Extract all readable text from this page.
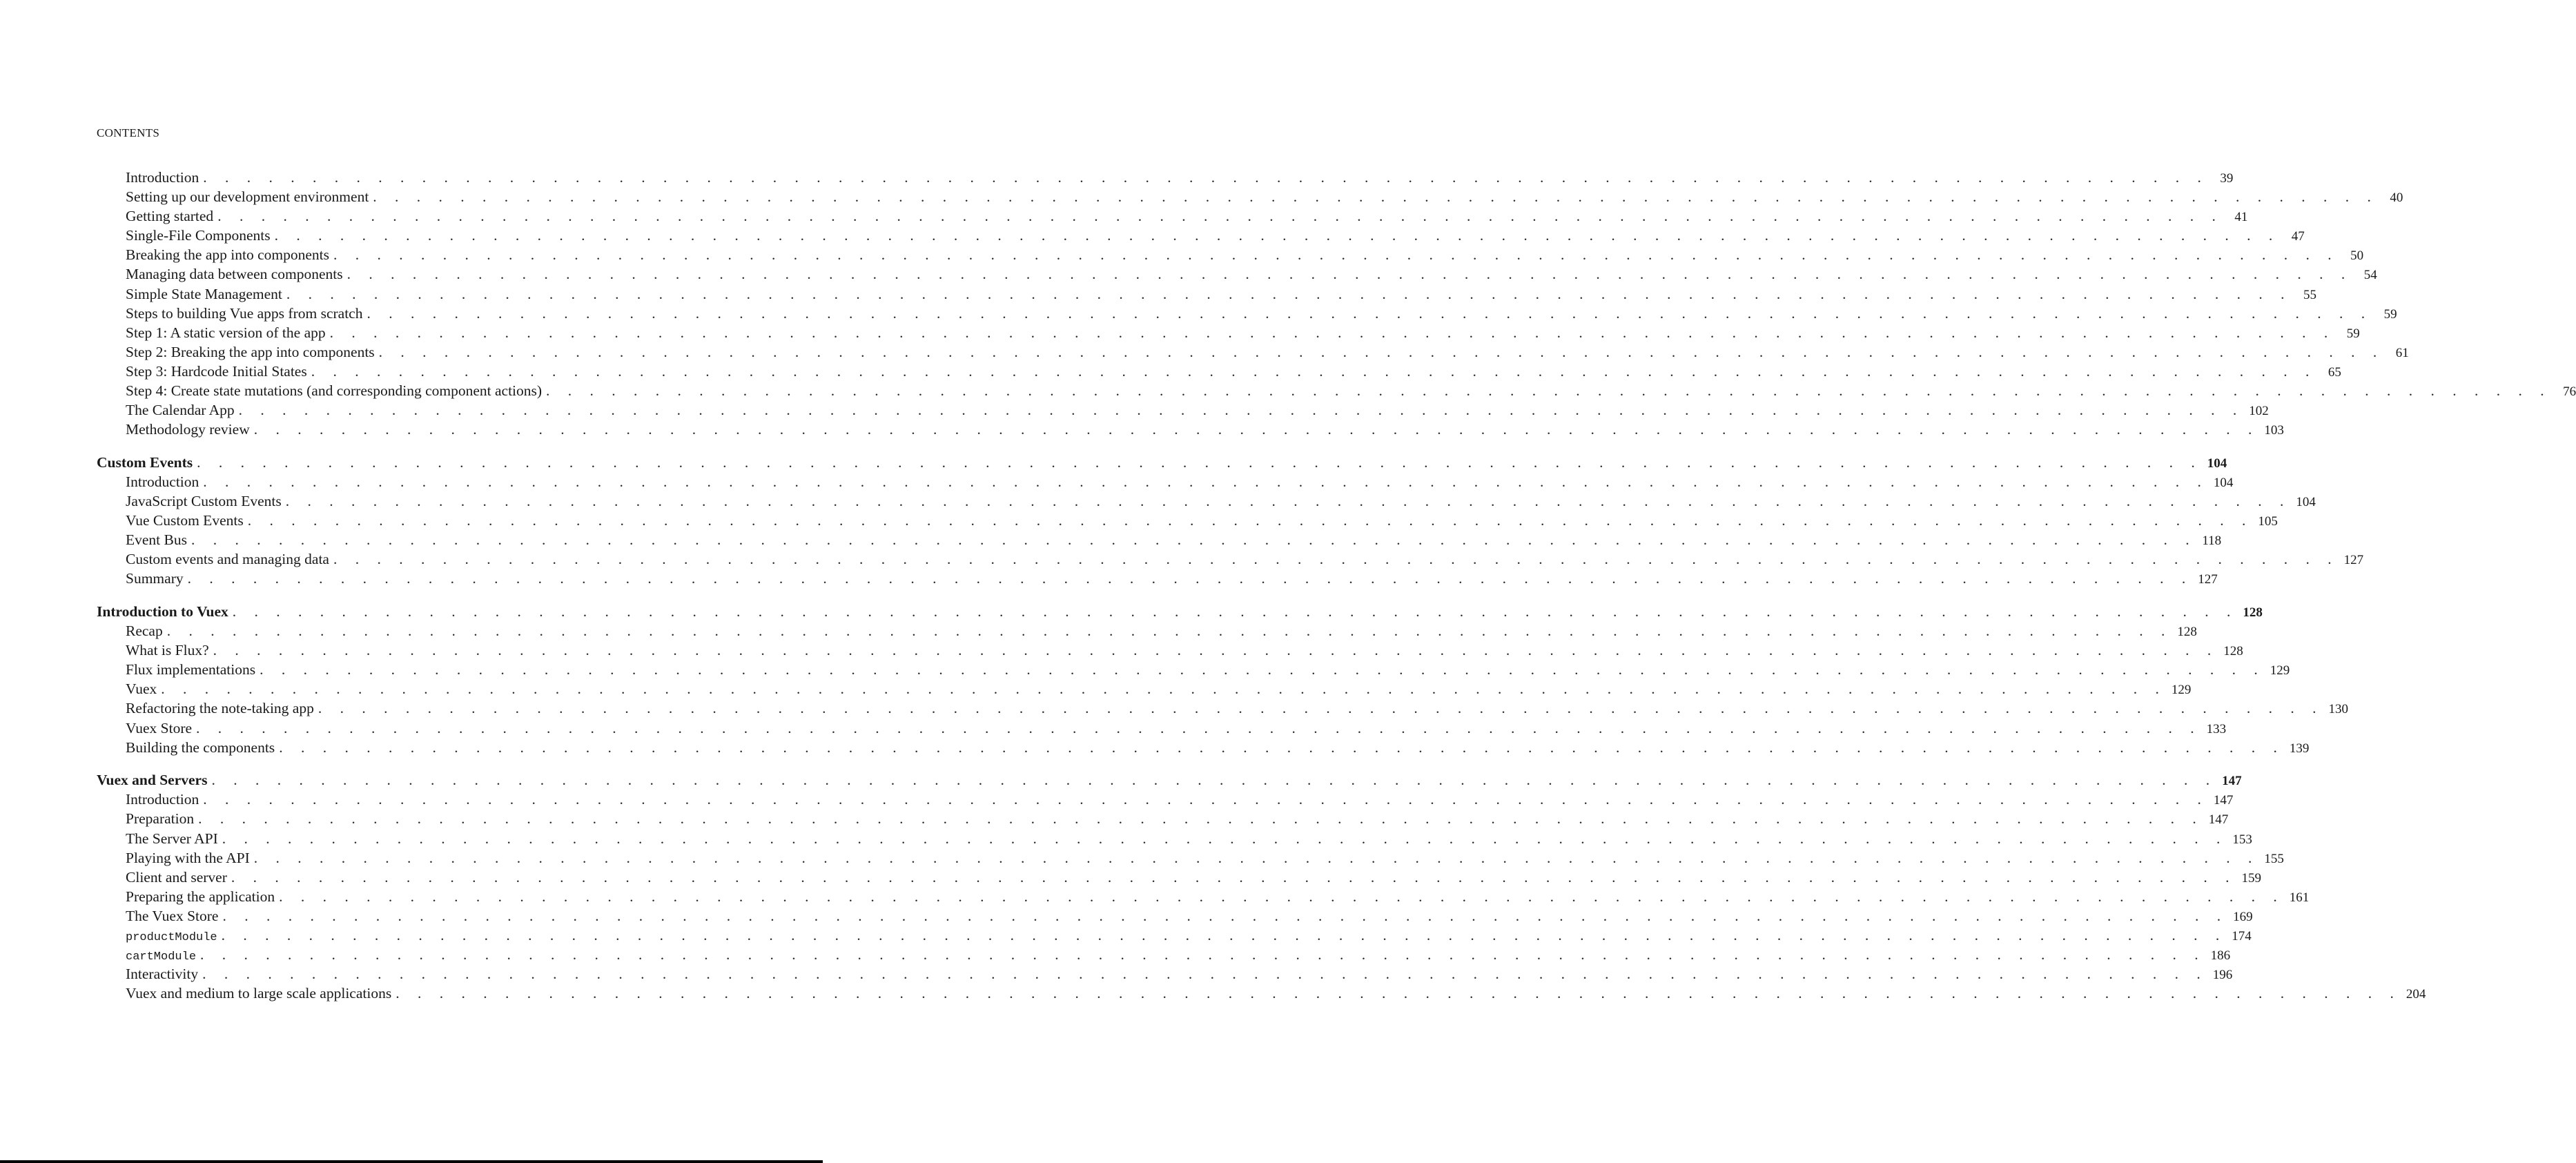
CONTENTS
Introduction . . . . . . . . . . . . . . . . . . . . . . . . . . . . . . . . . . . . . . . . . . . . . . . . . . . . . . . . . . . . . . . . . . . . . . . . . . . . . . . . . . . . . . . . . . . . 39
Setting up our development environment . . . . . . . . . . . . . . . . . . . . . . . . . . . . . . . . . . . . . . . . . . . . . . . . . . . . . . . . . . . . . . . . . . . . . . . . . . . . . . . . . . . . . . . . . . . . 40
Getting started . . . . . . . . . . . . . . . . . . . . . . . . . . . . . . . . . . . . . . . . . . . . . . . . . . . . . . . . . . . . . . . . . . . . . . . . . . . . . . . . . . . . . . . . . . . . 41
Single-File Components . . . . . . . . . . . . . . . . . . . . . . . . . . . . . . . . . . . . . . . . . . . . . . . . . . . . . . . . . . . . . . . . . . . . . . . . . . . . . . . . . . . . . . . . . . . . 47
Breaking the app into components . . . . . . . . . . . . . . . . . . . . . . . . . . . . . . . . . . . . . . . . . . . . . . . . . . . . . . . . . . . . . . . . . . . . . . . . . . . . . . . . . . . . . . . . . . . . 50
Managing data between components . . . . . . . . . . . . . . . . . . . . . . . . . . . . . . . . . . . . . . . . . . . . . . . . . . . . . . . . . . . . . . . . . . . . . . . . . . . . . . . . . . . . . . . . . . . . 54
Simple State Management . . . . . . . . . . . . . . . . . . . . . . . . . . . . . . . . . . . . . . . . . . . . . . . . . . . . . . . . . . . . . . . . . . . . . . . . . . . . . . . . . . . . . . . . . . . . 55
Steps to building Vue apps from scratch . . . . . . . . . . . . . . . . . . . . . . . . . . . . . . . . . . . . . . . . . . . . . . . . . . . . . . . . . . . . . . . . . . . . . . . . . . . . . . . . . . . . . . . . . . . . 59
Step 1: A static version of the app . . . . . . . . . . . . . . . . . . . . . . . . . . . . . . . . . . . . . . . . . . . . . . . . . . . . . . . . . . . . . . . . . . . . . . . . . . . . . . . . . . . . . . . . . . . . 59
Step 2: Breaking the app into components . . . . . . . . . . . . . . . . . . . . . . . . . . . . . . . . . . . . . . . . . . . . . . . . . . . . . . . . . . . . . . . . . . . . . . . . . . . . . . . . . . . . . . . . . . . . 61
Step 3: Hardcode Initial States . . . . . . . . . . . . . . . . . . . . . . . . . . . . . . . . . . . . . . . . . . . . . . . . . . . . . . . . . . . . . . . . . . . . . . . . . . . . . . . . . . . . . . . . . . . . 65
Step 4: Create state mutations (and corresponding component actions) . . . . . . . . . . . . . . . . . . . . . . . . . . . . . . . . . . . . . . . . . . . . . . . . . . . . . . . . . . . . . . . . . . . . . . . . . . . . . . . . . . . . . . . . . . . . 76
The Calendar App . . . . . . . . . . . . . . . . . . . . . . . . . . . . . . . . . . . . . . . . . . . . . . . . . . . . . . . . . . . . . . . . . . . . . . . . . . . . . . . . . . . . . . . . . . . . 102
Methodology review . . . . . . . . . . . . . . . . . . . . . . . . . . . . . . . . . . . . . . . . . . . . . . . . . . . . . . . . . . . . . . . . . . . . . . . . . . . . . . . . . . . . . . . . . . . . 103
Custom Events . . . . . . . . . . . . . . . . . . . . . . . . . . . . . . . . . . . . . . . . . . . . . . . . . . . . . . . . . . . . . . . . . . . . . . . . . . . . . . . . . . . . . . . . . . . . 104
Introduction . . . . . . . . . . . . . . . . . . . . . . . . . . . . . . . . . . . . . . . . . . . . . . . . . . . . . . . . . . . . . . . . . . . . . . . . . . . . . . . . . . . . . . . . . . . . 104
JavaScript Custom Events . . . . . . . . . . . . . . . . . . . . . . . . . . . . . . . . . . . . . . . . . . . . . . . . . . . . . . . . . . . . . . . . . . . . . . . . . . . . . . . . . . . . . . . . . . . . 104
Vue Custom Events . . . . . . . . . . . . . . . . . . . . . . . . . . . . . . . . . . . . . . . . . . . . . . . . . . . . . . . . . . . . . . . . . . . . . . . . . . . . . . . . . . . . . . . . . . . . 105
Event Bus . . . . . . . . . . . . . . . . . . . . . . . . . . . . . . . . . . . . . . . . . . . . . . . . . . . . . . . . . . . . . . . . . . . . . . . . . . . . . . . . . . . . . . . . . . . . 118
Custom events and managing data . . . . . . . . . . . . . . . . . . . . . . . . . . . . . . . . . . . . . . . . . . . . . . . . . . . . . . . . . . . . . . . . . . . . . . . . . . . . . . . . . . . . . . . . . . . . 127
Summary . . . . . . . . . . . . . . . . . . . . . . . . . . . . . . . . . . . . . . . . . . . . . . . . . . . . . . . . . . . . . . . . . . . . . . . . . . . . . . . . . . . . . . . . . . . . 127
Introduction to Vuex . . . . . . . . . . . . . . . . . . . . . . . . . . . . . . . . . . . . . . . . . . . . . . . . . . . . . . . . . . . . . . . . . . . . . . . . . . . . . . . . . . . . . . . . . . . . 128
Recap . . . . . . . . . . . . . . . . . . . . . . . . . . . . . . . . . . . . . . . . . . . . . . . . . . . . . . . . . . . . . . . . . . . . . . . . . . . . . . . . . . . . . . . . . . . . 128
What is Flux? . . . . . . . . . . . . . . . . . . . . . . . . . . . . . . . . . . . . . . . . . . . . . . . . . . . . . . . . . . . . . . . . . . . . . . . . . . . . . . . . . . . . . . . . . . . . 128
Flux implementations . . . . . . . . . . . . . . . . . . . . . . . . . . . . . . . . . . . . . . . . . . . . . . . . . . . . . . . . . . . . . . . . . . . . . . . . . . . . . . . . . . . . . . . . . . . . 129
Vuex . . . . . . . . . . . . . . . . . . . . . . . . . . . . . . . . . . . . . . . . . . . . . . . . . . . . . . . . . . . . . . . . . . . . . . . . . . . . . . . . . . . . . . . . . . . . 129
Refactoring the note-taking app . . . . . . . . . . . . . . . . . . . . . . . . . . . . . . . . . . . . . . . . . . . . . . . . . . . . . . . . . . . . . . . . . . . . . . . . . . . . . . . . . . . . . . . . . . . . 130
Vuex Store . . . . . . . . . . . . . . . . . . . . . . . . . . . . . . . . . . . . . . . . . . . . . . . . . . . . . . . . . . . . . . . . . . . . . . . . . . . . . . . . . . . . . . . . . . . . 133
Building the components . . . . . . . . . . . . . . . . . . . . . . . . . . . . . . . . . . . . . . . . . . . . . . . . . . . . . . . . . . . . . . . . . . . . . . . . . . . . . . . . . . . . . . . . . . . . 139
Vuex and Servers . . . . . . . . . . . . . . . . . . . . . . . . . . . . . . . . . . . . . . . . . . . . . . . . . . . . . . . . . . . . . . . . . . . . . . . . . . . . . . . . . . . . . . . . . . . . 147
Introduction . . . . . . . . . . . . . . . . . . . . . . . . . . . . . . . . . . . . . . . . . . . . . . . . . . . . . . . . . . . . . . . . . . . . . . . . . . . . . . . . . . . . . . . . . . . . 147
Preparation . . . . . . . . . . . . . . . . . . . . . . . . . . . . . . . . . . . . . . . . . . . . . . . . . . . . . . . . . . . . . . . . . . . . . . . . . . . . . . . . . . . . . . . . . . . . 147
The Server API . . . . . . . . . . . . . . . . . . . . . . . . . . . . . . . . . . . . . . . . . . . . . . . . . . . . . . . . . . . . . . . . . . . . . . . . . . . . . . . . . . . . . . . . . . . . 153
Playing with the API . . . . . . . . . . . . . . . . . . . . . . . . . . . . . . . . . . . . . . . . . . . . . . . . . . . . . . . . . . . . . . . . . . . . . . . . . . . . . . . . . . . . . . . . . . . . 155
Client and server . . . . . . . . . . . . . . . . . . . . . . . . . . . . . . . . . . . . . . . . . . . . . . . . . . . . . . . . . . . . . . . . . . . . . . . . . . . . . . . . . . . . . . . . . . . . 159
Preparing the application . . . . . . . . . . . . . . . . . . . . . . . . . . . . . . . . . . . . . . . . . . . . . . . . . . . . . . . . . . . . . . . . . . . . . . . . . . . . . . . . . . . . . . . . . . . . 161
The Vuex Store . . . . . . . . . . . . . . . . . . . . . . . . . . . . . . . . . . . . . . . . . . . . . . . . . . . . . . . . . . . . . . . . . . . . . . . . . . . . . . . . . . . . . . . . . . . . 169
productModule . . . . . . . . . . . . . . . . . . . . . . . . . . . . . . . . . . . . . . . . . . . . . . . . . . . . . . . . . . . . . . . . . . . . . . . . . . . . . . . . . . . . . . . . . . . . 174
cartModule . . . . . . . . . . . . . . . . . . . . . . . . . . . . . . . . . . . . . . . . . . . . . . . . . . . . . . . . . . . . . . . . . . . . . . . . . . . . . . . . . . . . . . . . . . . . 186
Interactivity . . . . . . . . . . . . . . . . . . . . . . . . . . . . . . . . . . . . . . . . . . . . . . . . . . . . . . . . . . . . . . . . . . . . . . . . . . . . . . . . . . . . . . . . . . . . 196
Vuex and medium to large scale applications . . . . . . . . . . . . . . . . . . . . . . . . . . . . . . . . . . . . . . . . . . . . . . . . . . . . . . . . . . . . . . . . . . . . . . . . . . . . . . . . . . . . . . . . . . . . 204
